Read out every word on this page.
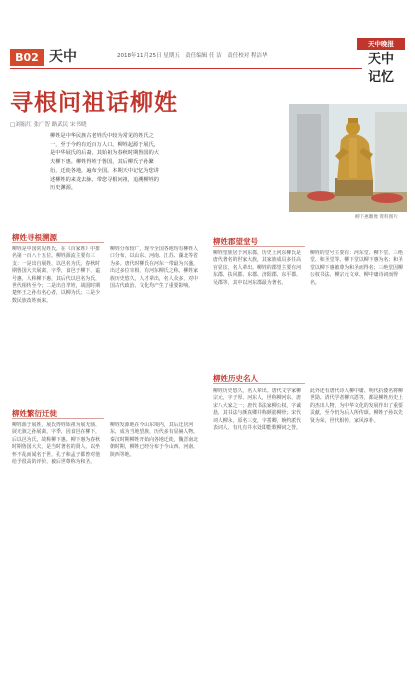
B02 天中	2018年11月25日 星期五　责任编辑 任 洁　责任校对 程洁华
天中晚报
天中
记忆
寻根问祖话柳姓
□刘振红 张广智 路武民 宋书晓
柳姓是中华民族古老姓氏中较为常见的姓氏之一，至于今约有近百万人口。柳姓起源于展氏，是中华展氏的后裔，其始祖为春秋时期鲁国的大夫柳下惠。柳姓得姓于鲁国，其后柳氏子孙繁衍，迁徙各地，遍布全国。本期天中记忆为您讲述柳姓的来龙去脉，带您寻根问祖，追溯柳姓的历史渊源。
柳下惠雕像 资料图片
柳姓寻根溯源	柳姓郡望堂号
柳姓繁衍迁徙
柳姓历史名人
柳姓是中国常见姓氏，在《百家姓》中排名第一百八十五位。柳姓源流主要有三支：一是出自展姓，以邑名为氏，春秋时期鲁国大夫展禽，字季，食邑于柳下，谥号惠，人称柳下惠，其后代以邑名为氏，世代相传至今；二是出自芈姓，战国时期楚怀王之孙有名心者，以柳为氏；三是少数民族改姓而来。
柳姓分布较广，现今全国各地均有柳姓人口分布，以山东、河南、江苏、湖北等省为多。唐代时柳氏在河东一带最为兴盛，出过多位宰相，有河东柳氏之称。柳姓家族历史悠久，人才辈出，名人众多，对中国古代政治、文化均产生了重要影响。
柳姓望族居于河东郡，历史上河东柳氏是唐代著名的世家大族，其家族成员多任高官显宦，名人辈出。柳姓的郡望主要有河东郡、扶风郡、东郡、济阳郡、东平郡、吴郡等，其中以河东郡最为著名。
柳姓的堂号主要有：河东堂、柳下堂、三绝堂、和圣堂等。柳下堂以柳下惠为名；和圣堂以柳下惠被尊为和圣而得名；三绝堂因柳公权书法、柳宗元文章、柳中庸诗词而得名。
柳姓源于展姓，展氏得姓始祖为展无骇，展无骇之孙展禽，字季，因食邑在柳下，后以邑为氏，故称柳下惠。柳下惠为春秋时期鲁国大夫，是当时著名的贤人，以坐怀不乱而闻名于世，孔子和孟子都曾对他给予很高的评价，被后世尊称为和圣。
柳姓发源地在今山东境内，其后迁居河东，成为当地望族，历代多有显赫人物。秦汉时期柳姓开始向各地迁徙，魏晋南北朝时期，柳姓已经分布于今山西、河南、陕西等地。
柳姓历史悠久，名人辈出。唐代文学家柳宗元，字子厚，河东人，世称柳河东，唐宋八大家之一；唐代书法家柳公权，字诚悬，其书法与颜真卿并称颜筋柳骨；宋代词人柳永，原名三变，字耆卿，婉约派代表词人，有凡有井水处即能歌柳词之誉。
此外还有唐代诗人柳中庸、明代抗倭名将柳世勋、清代学者柳兴恩等，都是柳姓历史上的杰出人物，为中华文化的发展作出了重要贡献，至今仍为后人所传颂。柳姓子孙以先贤为荣，世代相传，家风淳朴。
